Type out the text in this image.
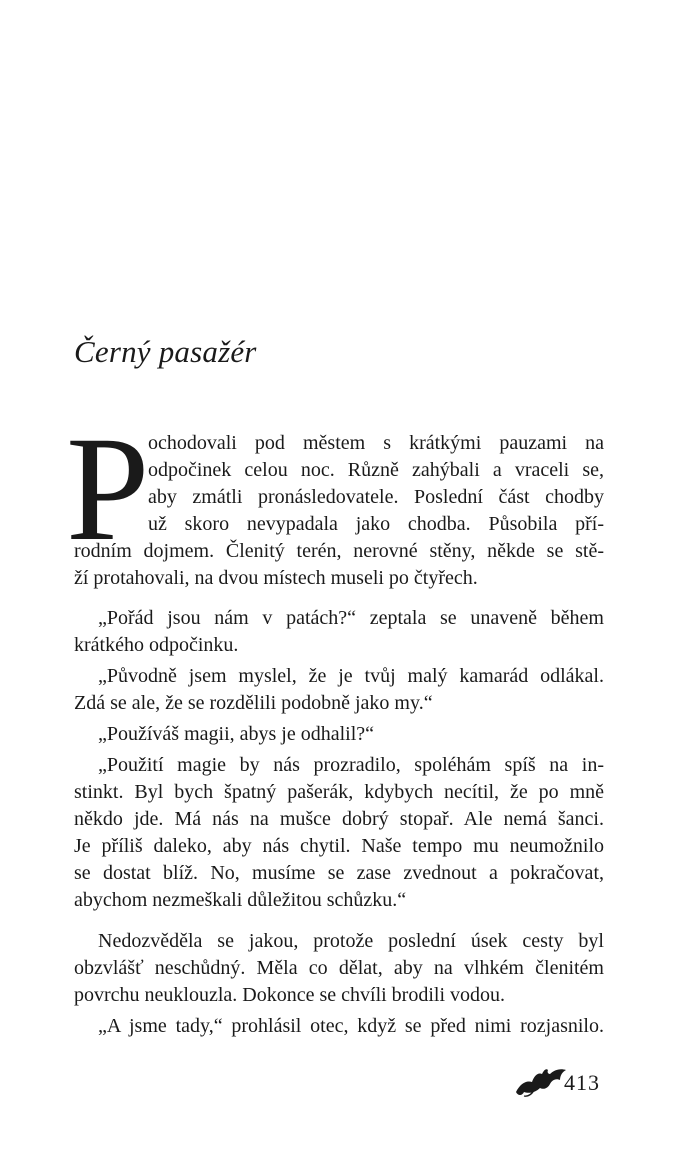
Černý pasažér
P

ochodovali pod městem s krátkými pauzami na

odpočinek celou noc. Různě zahýbali a vraceli se,

aby zmátli pronásledovatele. Poslední část chodby

už skoro nevypadala jako chodba. Působila pří-

rodním dojmem. Členitý terén, nerovné stěny, někde se stě-

ží protahovali, na dvou místech museli po čtyřech.

„Pořád jsou nám v patách?“ zeptala se unaveně během

krátkého odpočinku.

„Původně jsem myslel, že je tvůj malý kamarád odlákal.

Zdá se ale, že se rozdělili podobně jako my.“

„Používáš magii, abys je odhalil?“

„Použití magie by nás prozradilo, spoléhám spíš na in-

stinkt. Byl bych špatný pašerák, kdybych necítil, že po mně

někdo jde. Má nás na mušce dobrý stopař. Ale nemá šanci.

Je příliš daleko, aby nás chytil. Naše tempo mu neumožnilo

se dostat blíž. No, musíme se zase zvednout a pokračovat,

abychom nezmeškali důležitou schůzku.“

Nedozvěděla se jakou, protože poslední úsek cesty byl

obzvlášť neschůdný. Měla co dělat, aby na vlhkém členitém

povrchu neuklouzla. Dokonce se chvíli brodili vodou.

„A jsme tady,“ prohlásil otec, když se před nimi rozjasnilo.

413
